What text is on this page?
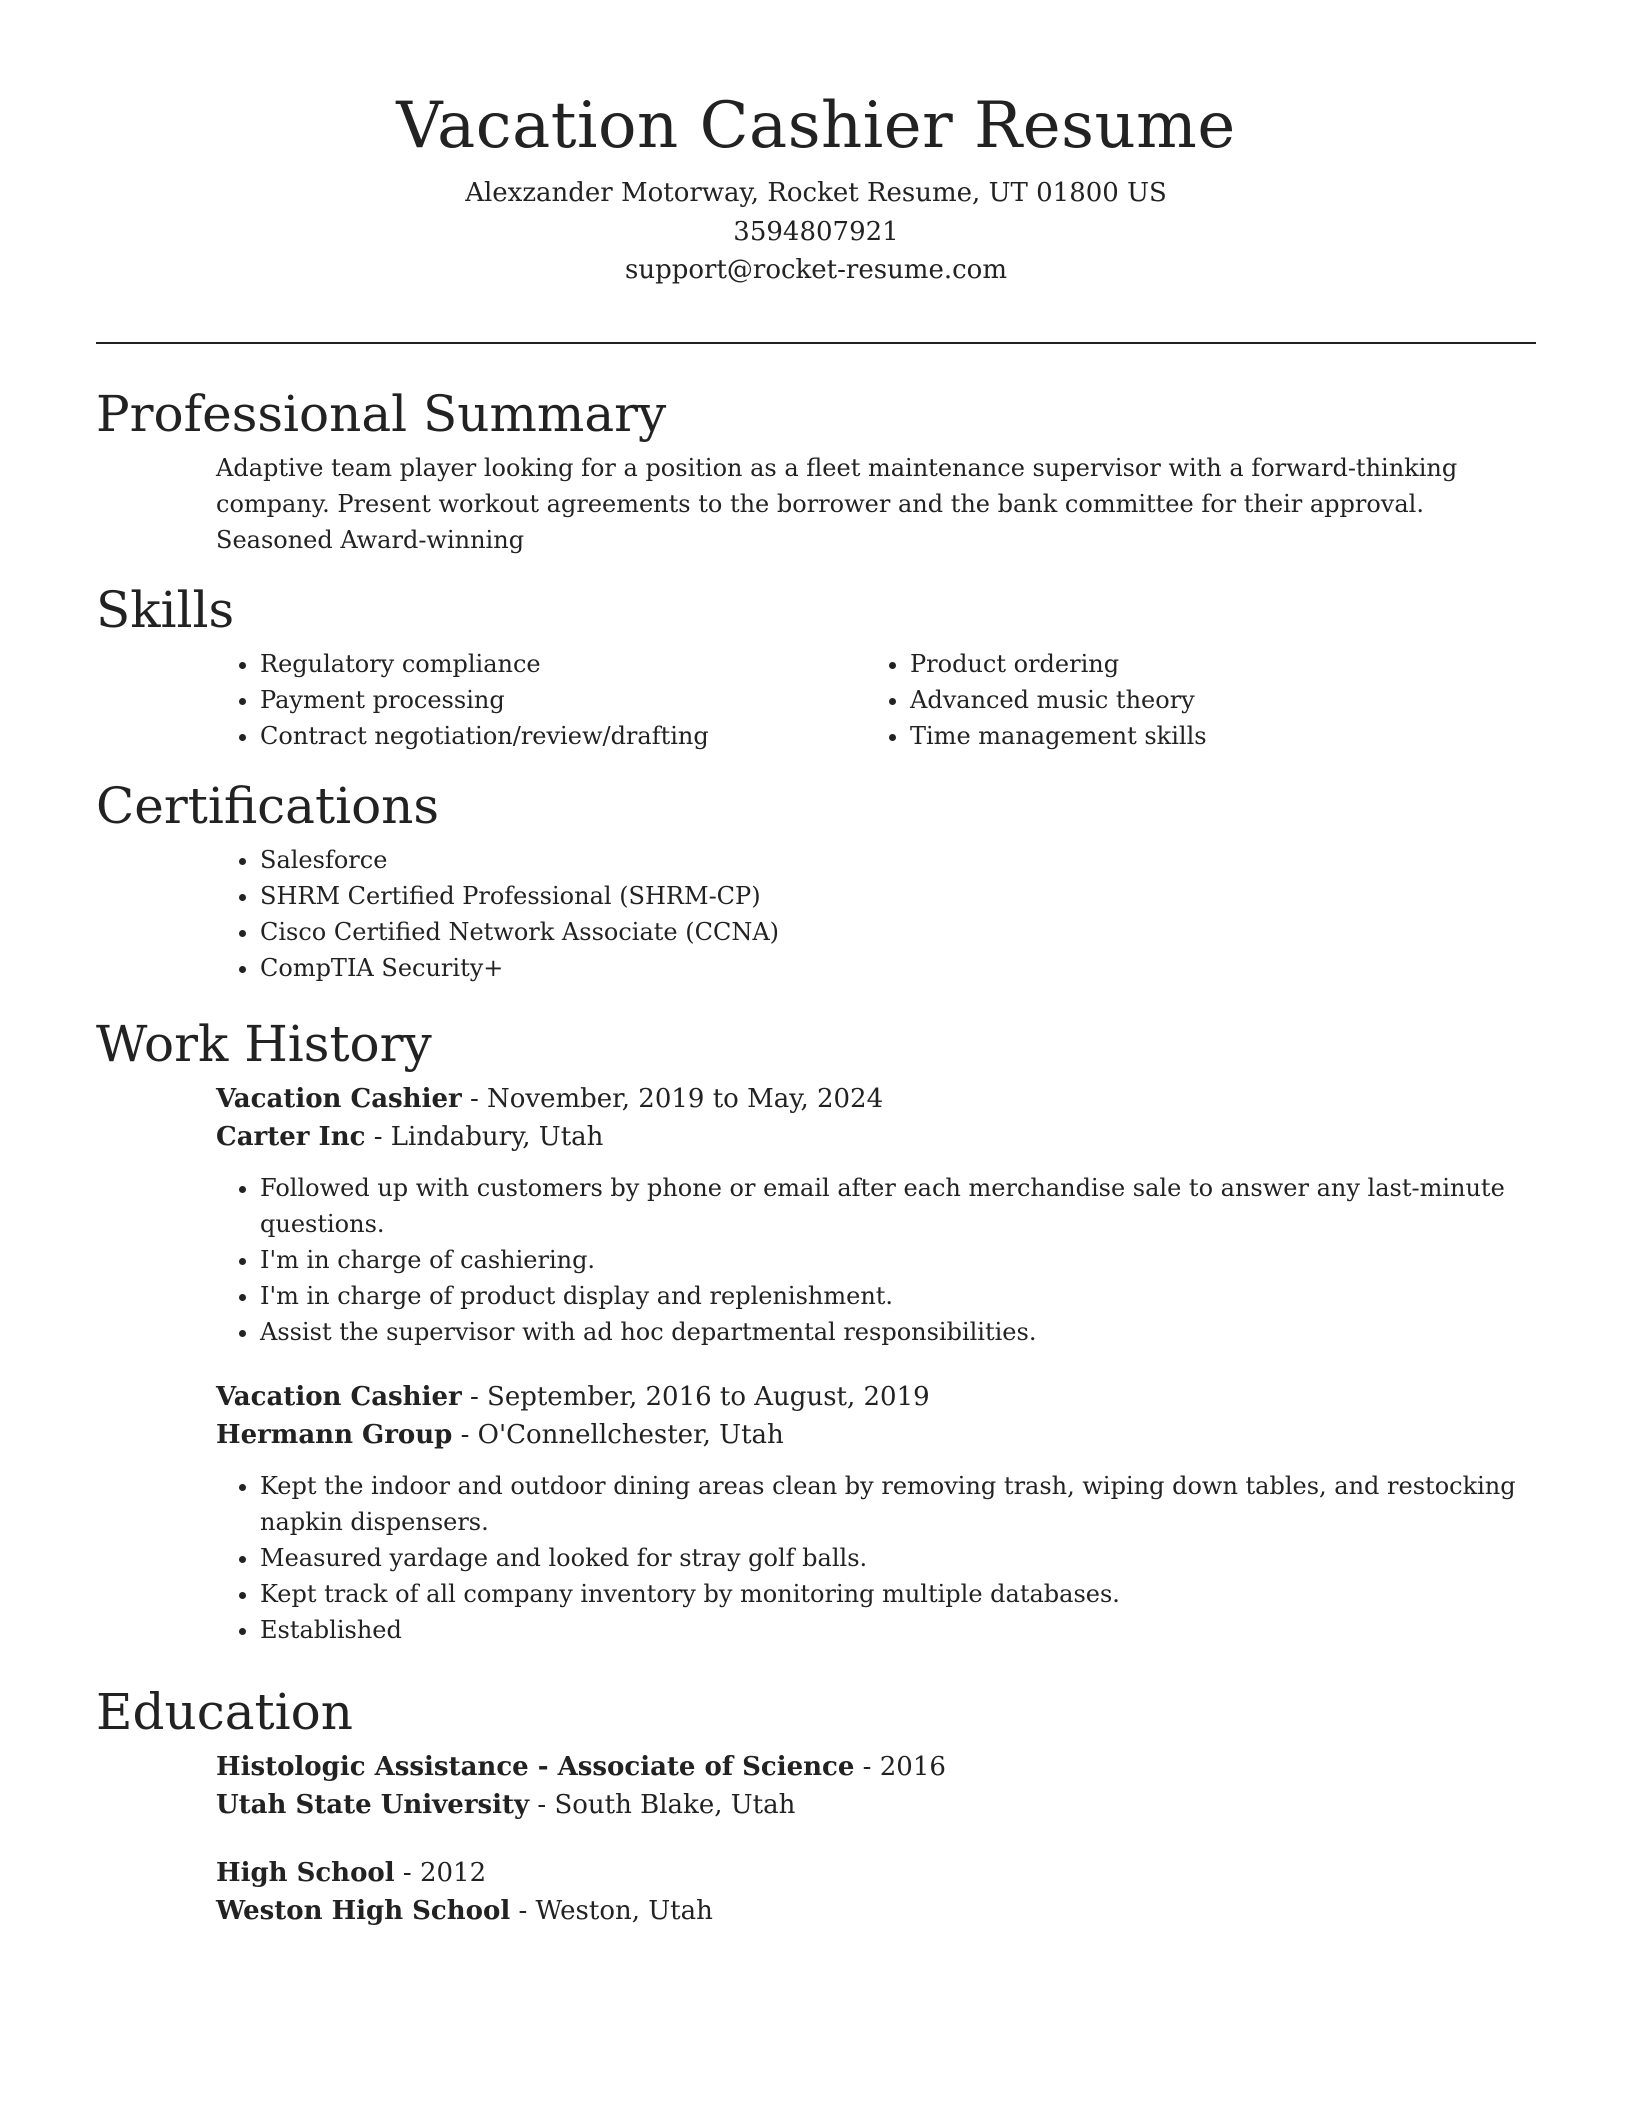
Vacation Cashier Resume
Alexzander Motorway, Rocket Resume, UT 01800 US
3594807921
support@rocket-resume.com
Professional Summary

Adaptive team player looking for a position as a fleet maintenance supervisor with a forward-thinking company. Present workout agreements to the borrower and the bank committee for their approval. Seasoned Award-winning

Skills
• Regulatory compliance
• Payment processing
• Contract negotiation/review/drafting
• Product ordering
• Advanced music theory
• Time management skills
Certifications
• Salesforce
• SHRM Certified Professional (SHRM-CP)
• Cisco Certified Network Associate (CCNA)
• CompTIA Security+
Work History
Vacation Cashier - November, 2019 to May, 2024
Carter Inc - Lindabury, Utah
• Followed up with customers by phone or email after each merchandise sale to answer any last-minute questions.
• I'm in charge of cashiering.
• I'm in charge of product display and replenishment.
• Assist the supervisor with ad hoc departmental responsibilities.
Vacation Cashier - September, 2016 to August, 2019
Hermann Group - O'Connellchester, Utah
• Kept the indoor and outdoor dining areas clean by removing trash, wiping down tables, and restocking napkin dispensers.
• Measured yardage and looked for stray golf balls.
• Kept track of all company inventory by monitoring multiple databases.
• Established
Education
Histologic Assistance - Associate of Science - 2016
Utah State University - South Blake, Utah
High School - 2012
Weston High School - Weston, Utah
